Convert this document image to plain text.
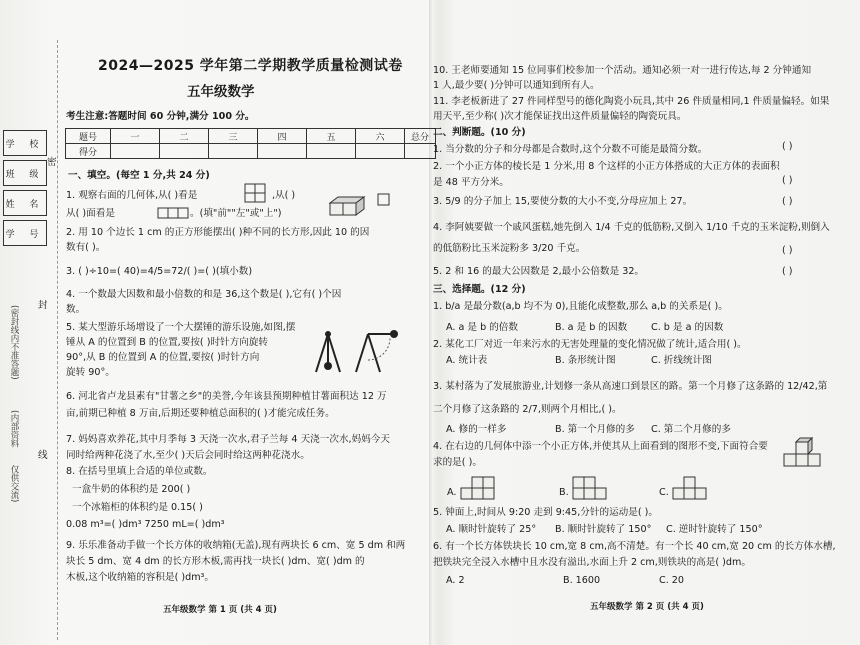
学 校
班 级
姓 名
学 号
密
封
线
(密封线内不准答题)
(内部资料
仅供交流)
2024—2025 学年第二学期教学质量检测试卷
五年级数学
考生注意:答题时间 60 分钟,满分 100 分。
题号	一	二	三	四	五	六	总分
得分							
一、填空。(每空 1 分,共 24 分)
1. 观察右面的几何体,从( )看是	,从( )
从( )面看是	。(填"前""左"或"上")
2. 用 10 个边长 1 cm 的正方形能摆出( )种不同的长方形,因此 10 的因
数有( )。
3. ( )÷10=( 40)=4/5=72/( )=( )(填小数)
4. 一个数最大因数和最小倍数的和是 36,这个数是( ),它有( )个因
数。
5. 某大型游乐场增设了一个大摆锤的游乐设施,如图,摆
锤从 A 的位置到 B 的位置,要按( )时针方向旋转
90°,从 B 的位置到 A 的位置,要按( )时针方向
旋转 90°。
6. 河北省卢龙县素有"甘薯之乡"的美誉,今年该县预期种植甘薯面积达 12 万
亩,前期已种植 8 万亩,后期还要种植总面积的( )才能完成任务。
7. 妈妈喜欢养花,其中月季每 3 天浇一次水,君子兰每 4 天浇一次水,妈妈今天
同时给两种花浇了水,至少( )天后会同时给这两种花浇水。
8. 在括号里填上合适的单位或数。
一盒牛奶的体积约是 200( )
一个冰箱柜的体积约是 0.15( )
0.08 m³=( )dm³ 7250 mL=( )dm³
9. 乐乐准备动手做一个长方体的收纳箱(无盖),现有两块长 6 cm、宽 5 dm 和两
块长 5 dm、宽 4 dm 的长方形木板,需再找一块长( )dm、宽( )dm 的
木板,这个收纳箱的容积是( )dm³。
五年级数学 第 1 页 (共 4 页)
10. 王老师要通知 15 位同事们校参加一个活动。通知必须一对一进行传达,每 2 分钟通知
1 人,最少要( )分钟可以通知到所有人。
11. 李老板新进了 27 件同样型号的德化陶瓷小玩具,其中 26 件质量相同,1 件质量偏轻。如果
用天平,至少称( )次才能保证找出这件质量偏轻的陶瓷玩具。
二、判断题。(10 分)
1. 当分数的分子和分母都是合数时,这个分数不可能是最简分数。	( )
2. 一个小正方体的棱长是 1 分米,用 8 个这样的小正方体搭成的大正方体的表面积
是 48 平方分米。	( )
3. 5/9 的分子加上 15,要使分数的大小不变,分母应加上 27。	( )
4. 李阿姨要做一个戚风蛋糕,她先倒入 1/4 千克的低筋粉,又倒入 1/10 千克的玉米淀粉,则倒入
的低筋粉比玉米淀粉多 3/20 千克。	( )
5. 2 和 16 的最大公因数是 2,最小公倍数是 32。	( )
三、选择题。(12 分)
1. b/a 是最分数(a,b 均不为 0),且能化成整数,那么 a,b 的关系是( )。
A. a 是 b 的倍数	B. a 是 b 的因数 C. b 是 a 的因数
2. 某化工厂对近一年来污水的无害处理量的变化情况做了统计,适合用( )。
A. 统计表	B. 条形统计图	C. 折线统计图
3. 某村落为了发展旅游业,计划修一条从高速口到景区的路。第一个月修了这条路的 12/42,第
二个月修了这条路的 2/7,则两个月相比,( )。
A. 修的一样多	B. 第一个月修的多 C. 第二个月修的多
4. 在右边的几何体中添一个小正方体,并使其从上面看到的图形不变,下面符合要
求的是( )。
A.	B.	C.
5. 钟面上,时间从 9:20 走到 9:45,分针的运动是( )。
A. 顺时针旋转了 25° B. 顺时针旋转了 150° C. 逆时针旋转了 150°
6. 有一个长方体铁块长 10 cm,宽 8 cm,高不清楚。有一个长 40 cm,宽 20 cm 的长方体水槽,
把铁块完全浸入水槽中且水没有溢出,水面上升 2 cm,则铁块的高是( )dm。
A. 2	B. 1600	C. 20
五年级数学 第 2 页 (共 4 页)
